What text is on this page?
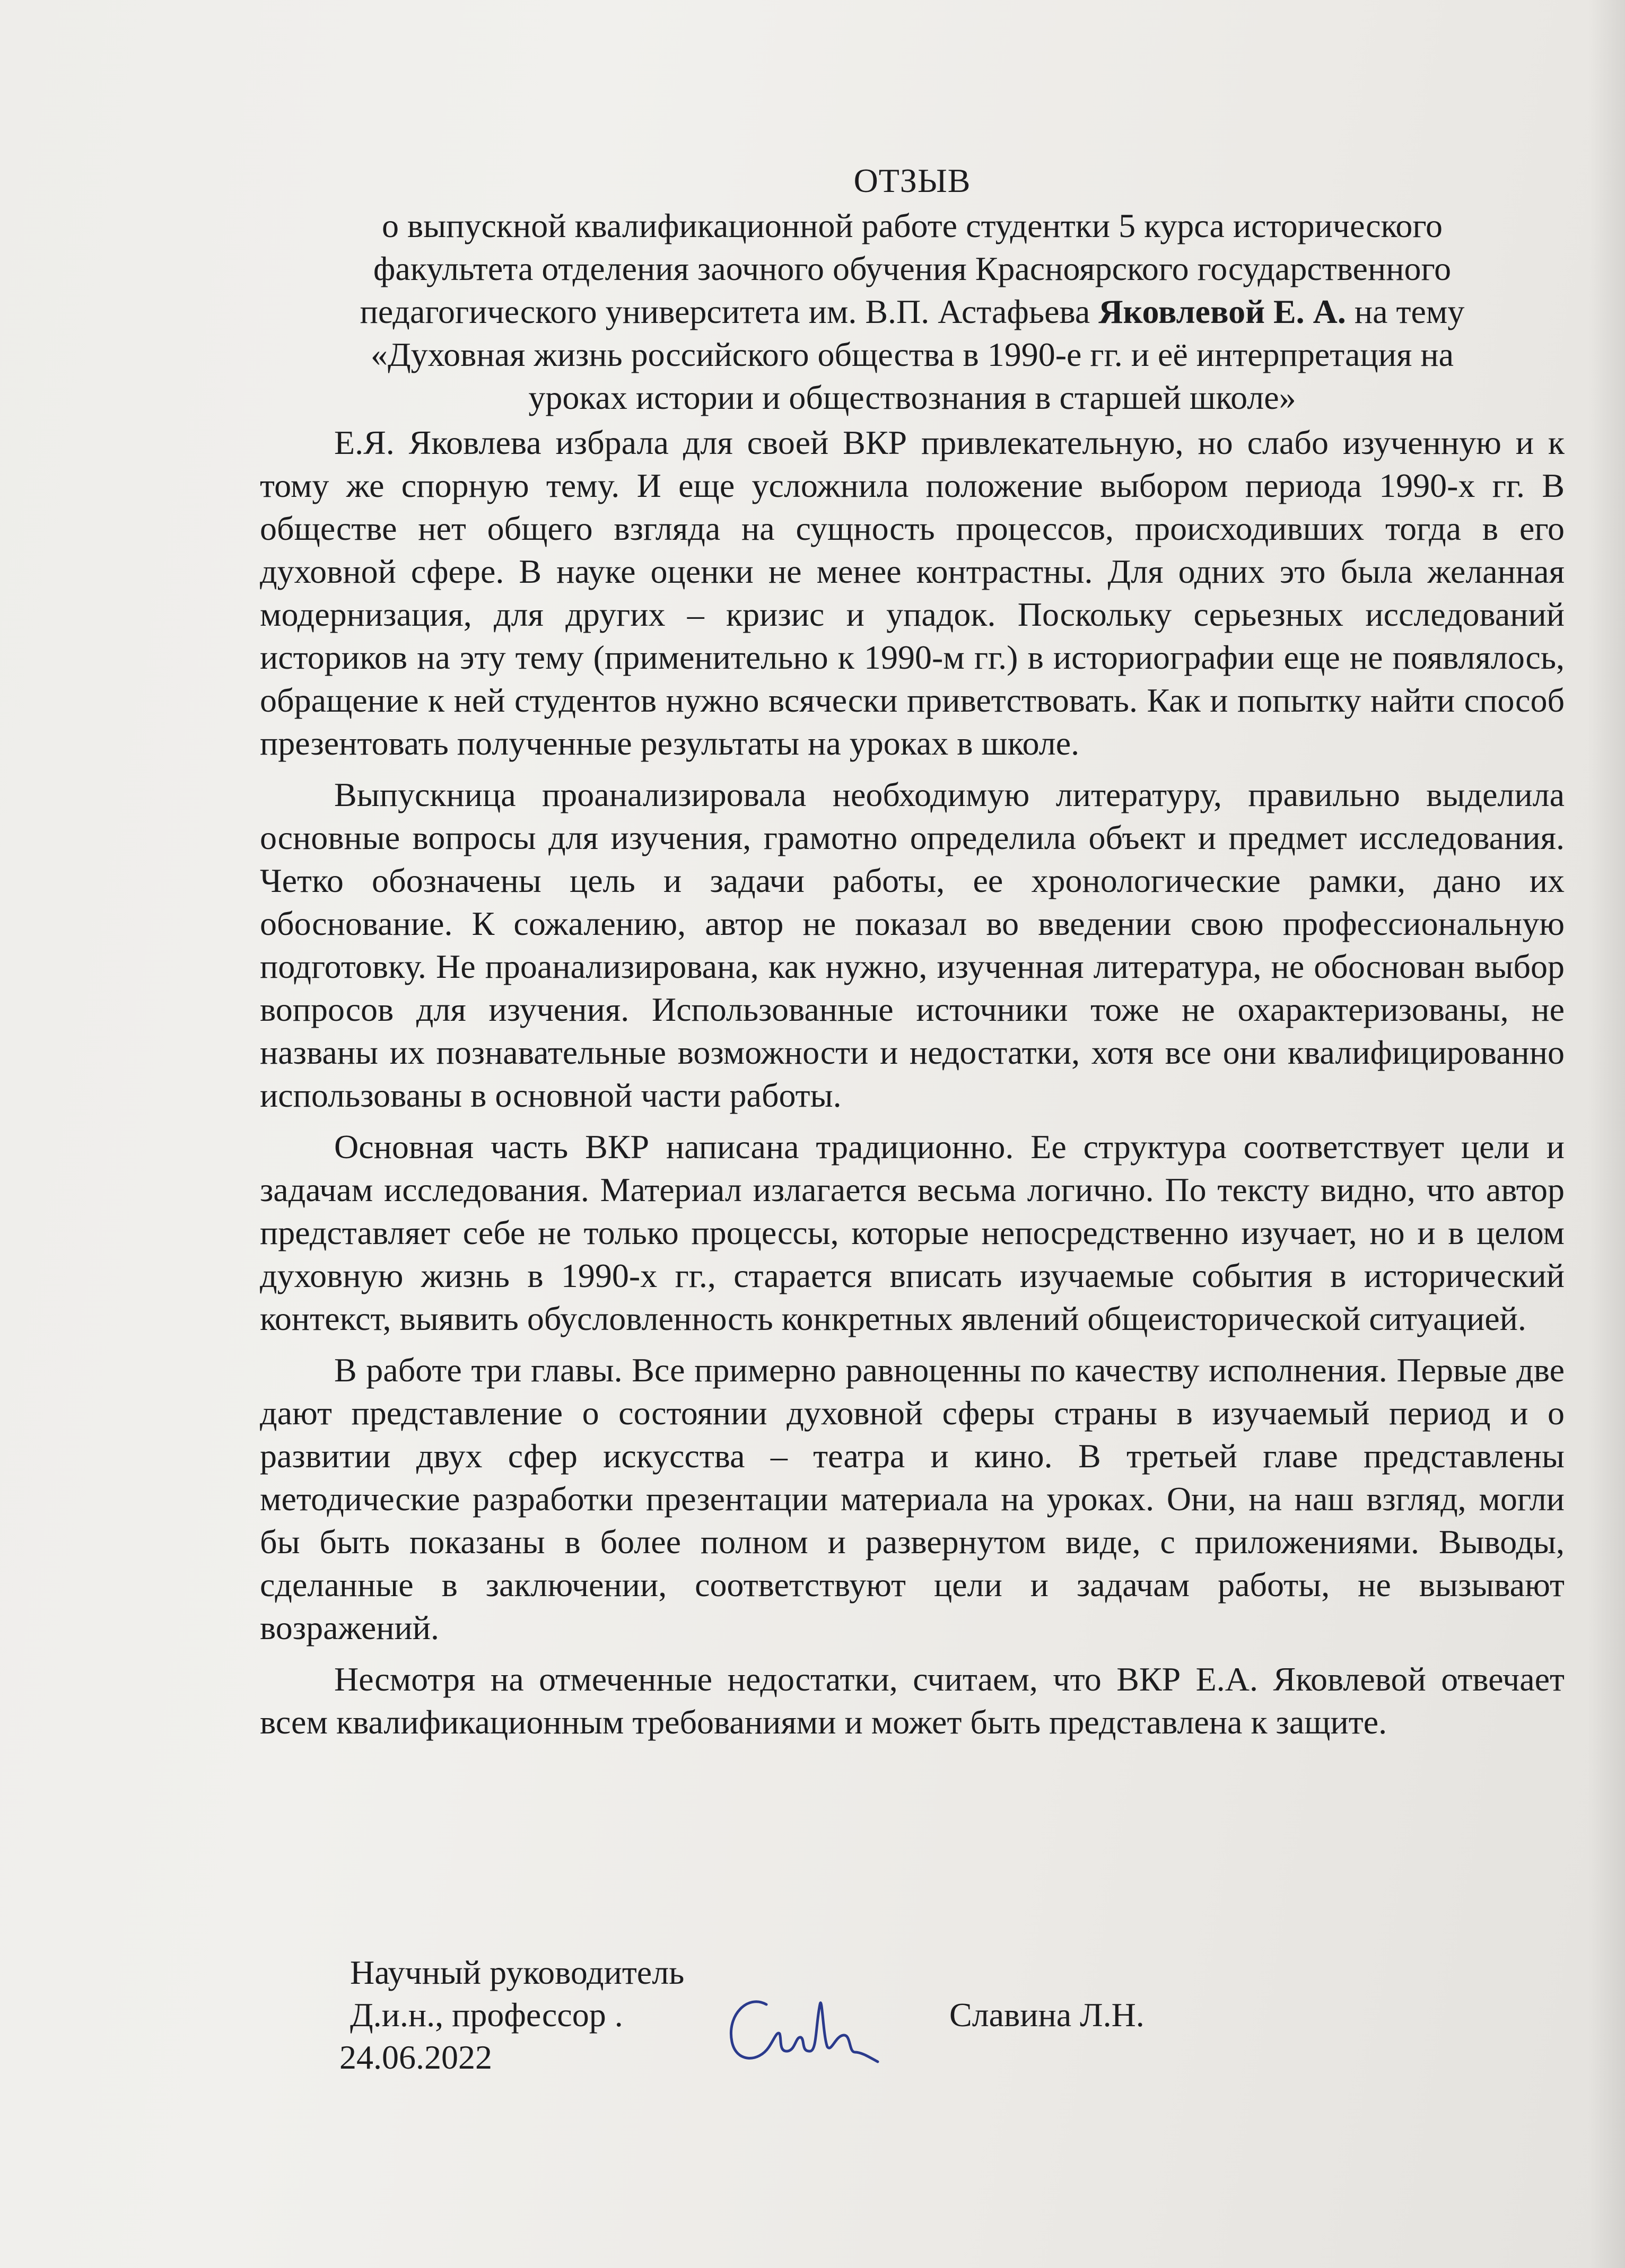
ОТЗЫВ
о выпускной квалификационной работе студентки 5 курса исторического
факультета отделения заочного обучения Красноярского государственного
педагогического университета им. В.П. Астафьева Яковлевой Е. А. на тему
«Духовная жизнь российского общества в 1990-е гг. и её интерпретация на
уроках истории и обществознания в старшей школе»

Е.Я. Яковлева избрала для своей ВКР привлекательную, но слабо изученную и к тому же спорную тему. И еще усложнила положение выбором периода 1990-х гг. В обществе нет общего взгляда на сущность процессов, происходивших тогда в его духовной сфере. В науке оценки не менее контрастны. Для одних это была желанная модернизация, для других – кризис и упадок. Поскольку серьезных исследований историков на эту тему (применительно к 1990-м гг.) в историографии еще не появлялось, обращение к ней студентов нужно всячески приветствовать. Как и попытку найти способ презентовать полученные результаты на уроках в школе.

Выпускница проанализировала необходимую литературу, правильно выделила основные вопросы для изучения, грамотно определила объект и предмет исследования. Четко обозначены цель и задачи работы, ее хронологические рамки, дано их обоснование. К сожалению, автор не показал во введении свою профессиональную подготовку. Не проанализирована, как нужно, изученная литература, не обоснован выбор вопросов для изучения. Использованные источники тоже не охарактеризованы, не названы их познавательные возможности и недостатки, хотя все они квалифицированно использованы в основной части работы.

Основная часть ВКР написана традиционно. Ее структура соответствует цели и задачам исследования. Материал излагается весьма логично. По тексту видно, что автор представляет себе не только процессы, которые непосредственно изучает, но и в целом духовную жизнь в 1990-х гг., старается вписать изучаемые события в исторический контекст, выявить обусловленность конкретных явлений общеисторической ситуацией.

В работе три главы. Все примерно равноценны по качеству исполнения. Первые две дают представление о состоянии духовной сферы страны в изучаемый период и о развитии двух сфер искусства – театра и кино. В третьей главе представлены методические разработки презентации материала на уроках. Они, на наш взгляд, могли бы быть показаны в более полном и развернутом виде, с приложениями. Выводы, сделанные в заключении, соответствуют цели и задачам работы, не вызывают возражений.

Несмотря на отмеченные недостатки, считаем, что ВКР Е.А. Яковлевой отвечает всем квалификационным требованиями и может быть представлена к защите.

Научный руководитель
Д.и.н., профессор .	Славина Л.Н.
24.06.2022
